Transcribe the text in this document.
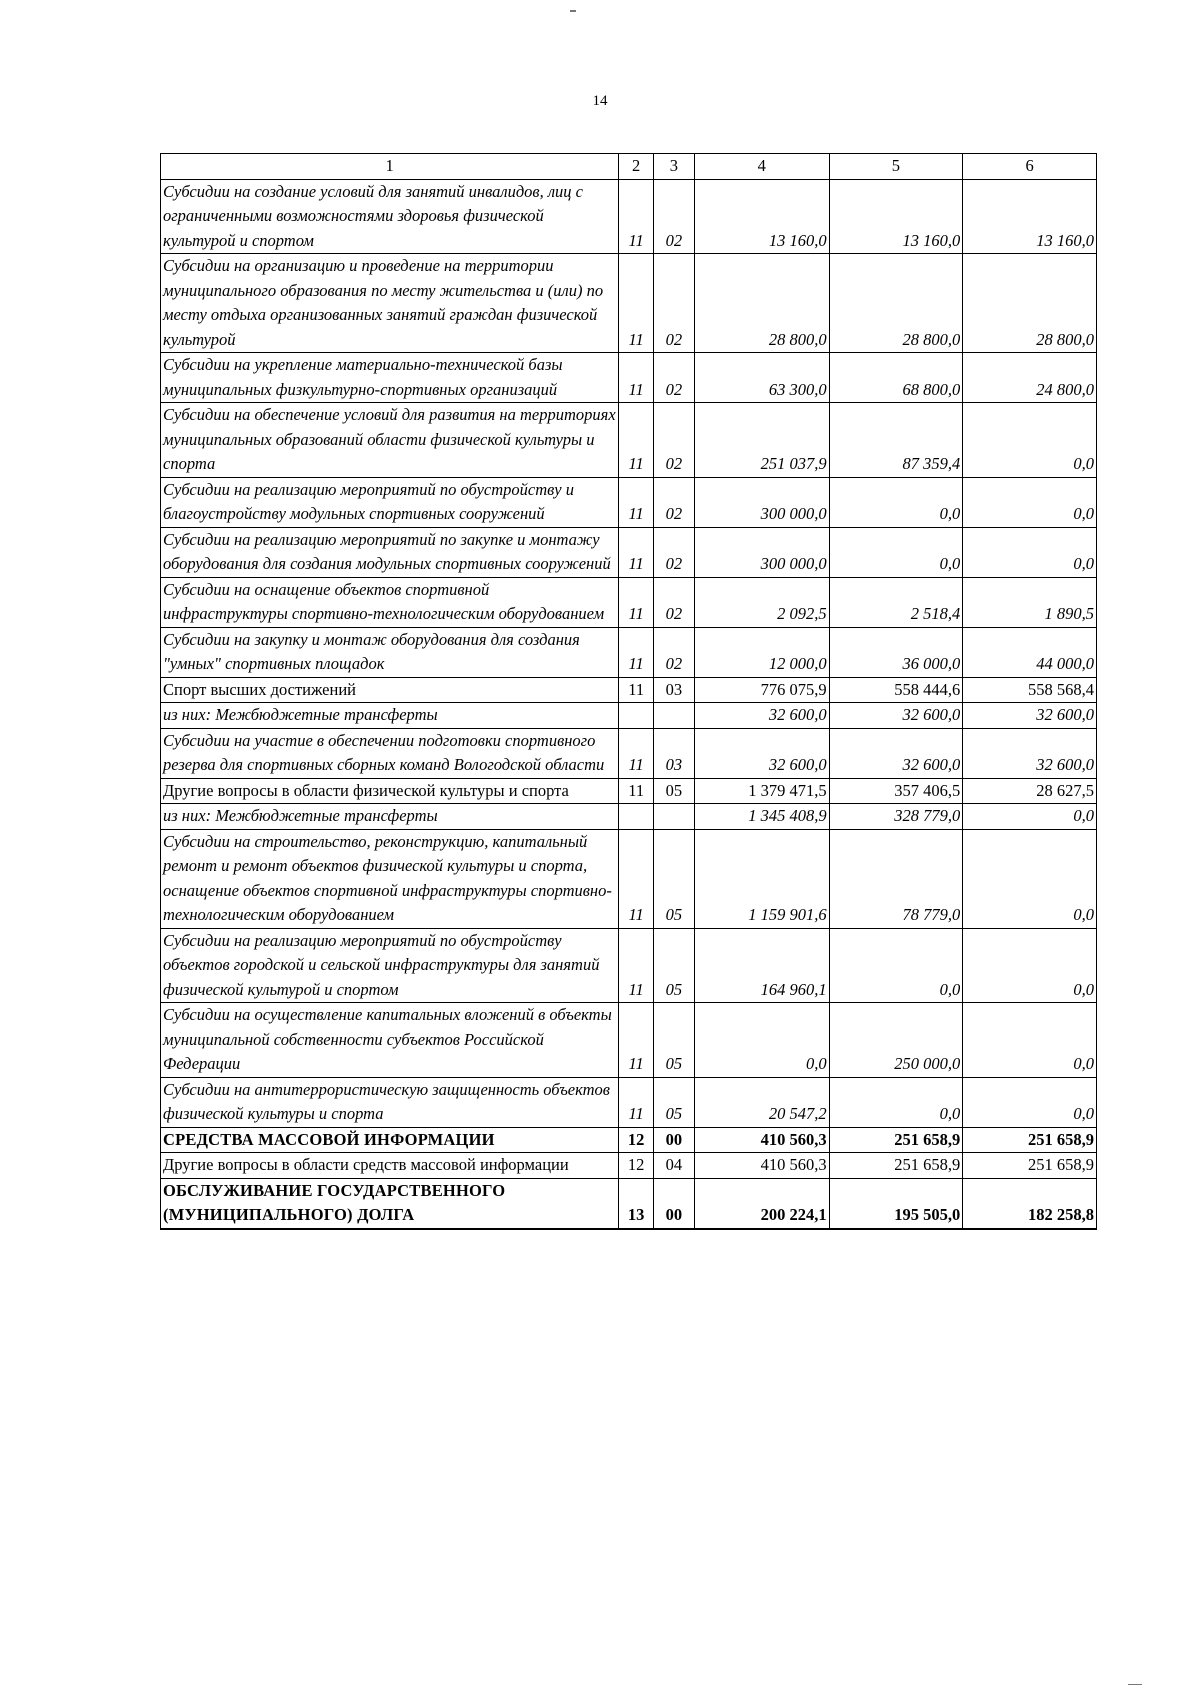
14
1	2	3	4	5	6
Субсидии на создание условий для занятий инвалидов, лиц с ограниченными возможностями здоровья физической культурой и спортом	11	02	13 160,0	13 160,0	13 160,0
Субсидии на организацию и проведение на территории муниципального образования по месту жительства и (или) по месту отдыха организованных занятий граждан физической культурой	11	02	28 800,0	28 800,0	28 800,0
Субсидии на укрепление материально-технической базы муниципальных физкультурно-спортивных организаций	11	02	63 300,0	68 800,0	24 800,0
Субсидии на обеспечение условий для развития на территориях муниципальных образований области физической культуры и спорта	11	02	251 037,9	87 359,4	0,0
Субсидии на реализацию мероприятий по обустройству и благоустройству модульных спортивных сооружений	11	02	300 000,0	0,0	0,0
Субсидии на реализацию мероприятий по закупке и монтажу оборудования для создания модульных спортивных сооружений	11	02	300 000,0	0,0	0,0
Субсидии на оснащение объектов спортивной инфраструктуры спортивно-технологическим оборудованием	11	02	2 092,5	2 518,4	1 890,5
Субсидии на закупку и монтаж оборудования для создания "умных" спортивных площадок	11	02	12 000,0	36 000,0	44 000,0
Спорт высших достижений	11	03	776 075,9	558 444,6	558 568,4
из них: Межбюджетные трансферты			32 600,0	32 600,0	32 600,0
Субсидии на участие в обеспечении подготовки спортивного резерва для спортивных сборных команд Вологодской области	11	03	32 600,0	32 600,0	32 600,0
Другие вопросы в области физической культуры и спорта	11	05	1 379 471,5	357 406,5	28 627,5
из них: Межбюджетные трансферты			1 345 408,9	328 779,0	0,0
Субсидии на строительство, реконструкцию, капитальный ремонт и ремонт объектов физической культуры и спорта, оснащение объектов спортивной инфраструктуры спортивно-технологическим оборудованием	11	05	1 159 901,6	78 779,0	0,0
Субсидии на реализацию мероприятий по обустройству объектов городской и сельской инфраструктуры для занятий физической культурой и спортом	11	05	164 960,1	0,0	0,0
Субсидии на осуществление капитальных вложений в объекты муниципальной собственности субъектов Российской Федерации	11	05	0,0	250 000,0	0,0
Субсидии на антитеррористическую защищенность объектов физической культуры и спорта	11	05	20 547,2	0,0	0,0
СРЕДСТВА МАССОВОЙ ИНФОРМАЦИИ	12	00	410 560,3	251 658,9	251 658,9
Другие вопросы в области средств массовой информации	12	04	410 560,3	251 658,9	251 658,9
ОБСЛУЖИВАНИЕ ГОСУДАРСТВЕННОГО (МУНИЦИПАЛЬНОГО) ДОЛГА	13	00	200 224,1	195 505,0	182 258,8
